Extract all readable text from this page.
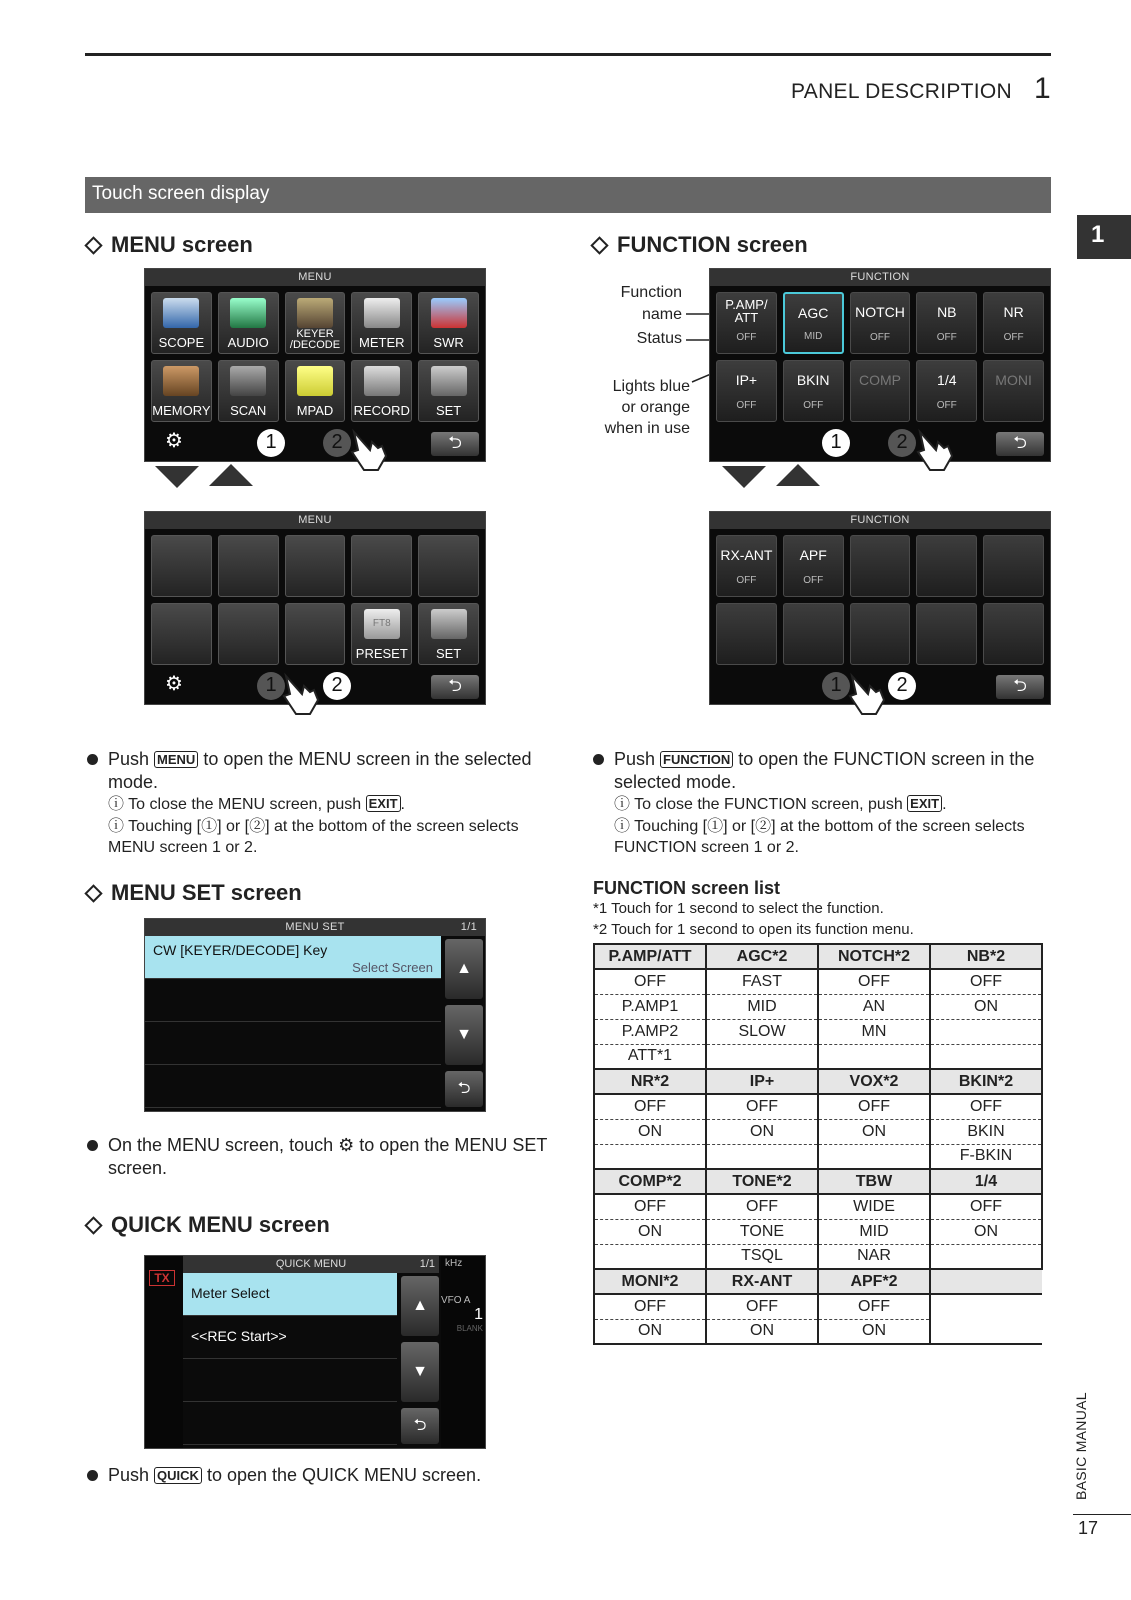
PANEL DESCRIPTION 1
Touch screen display
1
BASIC MANUAL
17
MENU screen
MENU
SCOPE	AUDIO
KEYER /DECODE	METER	SWR
MEMORY	SCAN	MPAD	RECORD	SET
⚙	1	2	⮌
MENU
FT8
PRESET	SET
⚙	1	2	⮌
Push MENU to open the MENU screen in the selected mode.
ⓘ To close the MENU screen, push EXIT .
ⓘ Touching [①] or [②] at the bottom of the screen selects MENU screen 1 or 2.
FUNCTION screen
Function
name
Status
Lights blue
or orange
when in use
FUNCTION
P.AMP/ ATT
OFF
AGC
MID
NOTCH
OFF
NB
OFF
NR
OFF
IP+
OFF
BKIN
OFF
COMP	1/4
OFF
MONI
1	2	⮌
FUNCTION
RX-ANT
OFF
APF
OFF
1	2	⮌
Push FUNCTION to open the FUNCTION screen in the selected mode.
ⓘ To close the FUNCTION screen, push EXIT .
ⓘ Touching [①] or [②] at the bottom of the screen selects FUNCTION screen 1 or 2.
MENU SET screen
MENU SET	1/1
CW [KEYER/DECODE] Key
Select Screen	▲
▼
⮌
On the MENU screen, touch ⚙ to open the MENU SET screen.
QUICK MENU screen
TX
kHz
VFO A
1
BLANK
QUICK MENU	1/1
Meter Select
<<REC Start>>
▲
▼
⮌
Push QUICK to open the QUICK MENU screen.
FUNCTION screen list
*1 Touch for 1 second to select the function.
*2 Touch for 1 second to open its function menu.
P.AMP/ATT	AGC*2	NOTCH*2	NB*2
OFF	FAST	OFF	OFF
P.AMP1	MID	AN	ON
P.AMP2	SLOW	MN	
ATT*1			
NR*2	IP+	VOX*2	BKIN*2
OFF	OFF	OFF	OFF
ON	ON	ON	BKIN
			F-BKIN
COMP*2	TONE*2	TBW	1/4
OFF	OFF	WIDE	OFF
ON	TONE	MID	ON
	TSQL	NAR	
MONI*2	RX-ANT	APF*2	
OFF	OFF	OFF	
ON	ON	ON	
